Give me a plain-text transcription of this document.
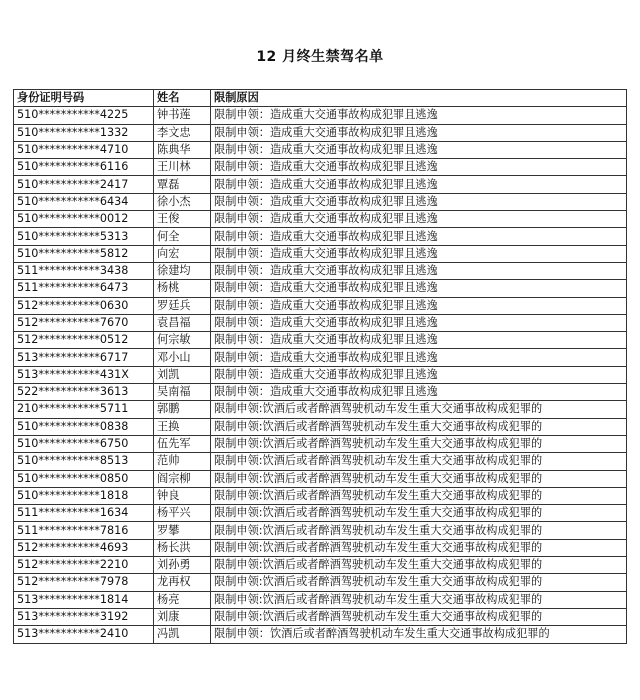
12 月终生禁驾名单
身份证明号码	姓名	限制原因
510***********4225	钟书莲	限制申领：造成重大交通事故构成犯罪且逃逸
510***********1332	李文忠	限制申领：造成重大交通事故构成犯罪且逃逸
510***********4710	陈典华	限制申领：造成重大交通事故构成犯罪且逃逸
510***********6116	王川林	限制申领：造成重大交通事故构成犯罪且逃逸
510***********2417	覃磊	限制申领：造成重大交通事故构成犯罪且逃逸
510***********6434	徐小杰	限制申领：造成重大交通事故构成犯罪且逃逸
510***********0012	王俊	限制申领：造成重大交通事故构成犯罪且逃逸
510***********5313	何全	限制申领：造成重大交通事故构成犯罪且逃逸
510***********5812	向宏	限制申领：造成重大交通事故构成犯罪且逃逸
511***********3438	徐建均	限制申领：造成重大交通事故构成犯罪且逃逸
511***********6473	杨桃	限制申领：造成重大交通事故构成犯罪且逃逸
512***********0630	罗廷兵	限制申领：造成重大交通事故构成犯罪且逃逸
512***********7670	袁昌福	限制申领：造成重大交通事故构成犯罪且逃逸
512***********0512	何宗敏	限制申领：造成重大交通事故构成犯罪且逃逸
513***********6717	邓小山	限制申领：造成重大交通事故构成犯罪且逃逸
513***********431X	刘凯	限制申领：造成重大交通事故构成犯罪且逃逸
522***********3613	吴南福	限制申领：造成重大交通事故构成犯罪且逃逸
210***********5711	郭鹏	限制申领:饮酒后或者醉酒驾驶机动车发生重大交通事故构成犯罪的
510***********0838	王换	限制申领:饮酒后或者醉酒驾驶机动车发生重大交通事故构成犯罪的
510***********6750	伍先军	限制申领:饮酒后或者醉酒驾驶机动车发生重大交通事故构成犯罪的
510***********8513	范帅	限制申领:饮酒后或者醉酒驾驶机动车发生重大交通事故构成犯罪的
510***********0850	阎宗柳	限制申领:饮酒后或者醉酒驾驶机动车发生重大交通事故构成犯罪的
510***********1818	钟良	限制申领:饮酒后或者醉酒驾驶机动车发生重大交通事故构成犯罪的
511***********1634	杨平兴	限制申领:饮酒后或者醉酒驾驶机动车发生重大交通事故构成犯罪的
511***********7816	罗攀	限制申领:饮酒后或者醉酒驾驶机动车发生重大交通事故构成犯罪的
512***********4693	杨长洪	限制申领:饮酒后或者醉酒驾驶机动车发生重大交通事故构成犯罪的
512***********2210	刘孙勇	限制申领:饮酒后或者醉酒驾驶机动车发生重大交通事故构成犯罪的
512***********7978	龙再权	限制申领:饮酒后或者醉酒驾驶机动车发生重大交通事故构成犯罪的
513***********1814	杨亮	限制申领:饮酒后或者醉酒驾驶机动车发生重大交通事故构成犯罪的
513***********3192	刘康	限制申领:饮酒后或者醉酒驾驶机动车发生重大交通事故构成犯罪的
513***********2410	冯凯	限制申领：饮酒后或者醉酒驾驶机动车发生重大交通事故构成犯罪的
